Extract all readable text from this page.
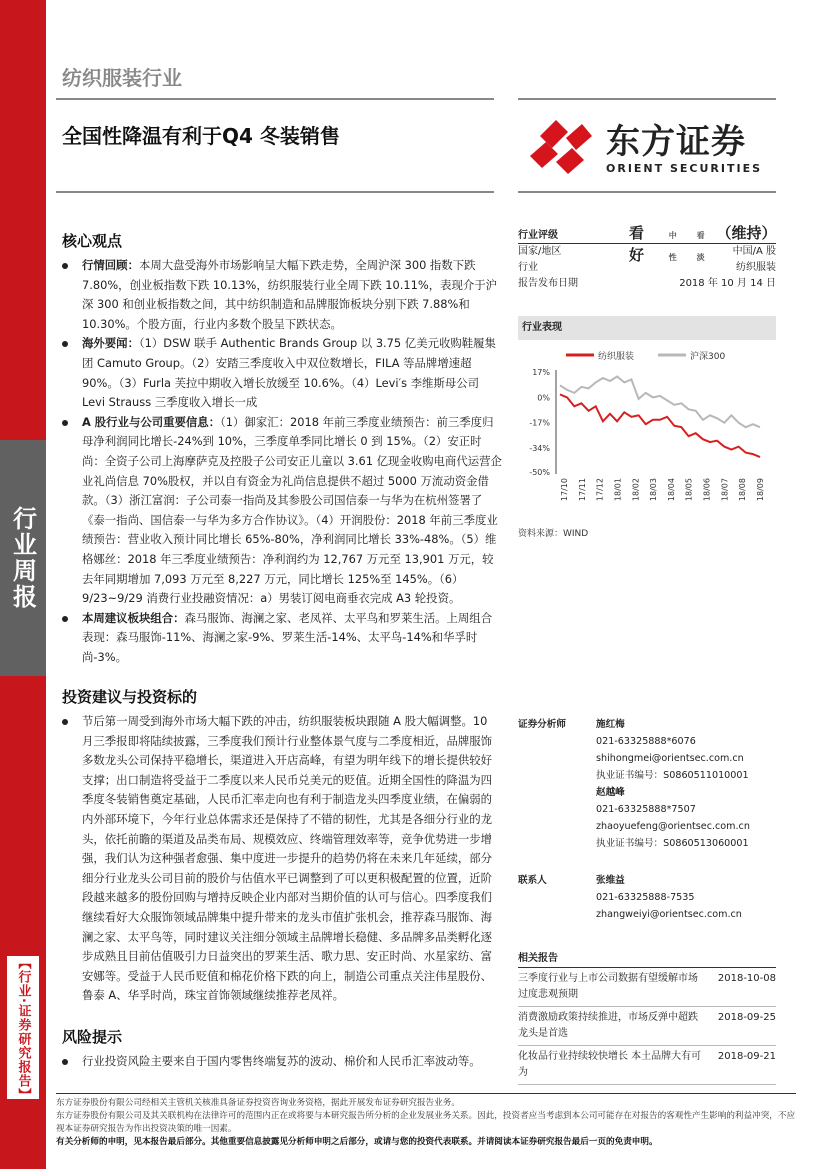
行业周报
【行业·证券研究报告】
纺织服装行业
全国性降温有利于Q4 冬装销售	东方证券
ORIENT SECURITIES
核心观点
行情回顾：本周大盘受海外市场影响呈大幅下跌走势，全周沪深 300 指数下跌 7.80%，创业板指数下跌 10.13%，纺织服装行业全周下跌 10.11%，表现介于沪深 300 和创业板指数之间，其中纺织制造和品牌服饰板块分别下跌 7.88%和 10.30%。个股方面，行业内多数个股呈下跌状态。
海外要闻：（1）DSW 联手 Authentic Brands Group 以 3.75 亿美元收购鞋履集团 Camuto Group。（2）安踏三季度收入中双位数增长，FILA 等品牌增速超 90%。（3）Furla 芙拉中期收入增长放缓至 10.6%。（4）Levi′s 李维斯母公司 Levi Strauss 三季度收入增长一成
A 股行业与公司重要信息：（1）御家汇：2018 年前三季度业绩预告：前三季度归母净利润同比增长-24%到 10%，三季度单季同比增长 0 到 15%。（2）安正时尚：全资子公司上海摩萨克及控股子公司安正儿童以 3.61 亿现金收购电商代运营企业礼尚信息 70%股权，并以自有资金为礼尚信息提供不超过 5000 万流动资金借款。（3）浙江富润：子公司泰一指尚及其参股公司国信泰一与华为在杭州签署了《泰一指尚、国信泰一与华为多方合作协议》。（4）开润股份：2018 年前三季度业绩预告：营业收入预计同比增长 65%-80%，净利润同比增长 33%-48%。（5）维格娜丝：2018 年三季度业绩预告：净利润约为 12,767 万元至 13,901 万元，较去年同期增加 7,093 万元至 8,227 万元，同比增长 125%至 145%。（6）9/23~9/29 消费行业投融资情况：a）男装订阅电商垂衣完成 A3 轮投资。
本周建议板块组合：森马服饰、海澜之家、老凤祥、太平鸟和罗莱生活。上周组合表现：森马服饰-11%、海澜之家-9%、罗莱生活-14%、太平鸟-14%和华孚时尚-3%。
投资建议与投资标的
节后第一周受到海外市场大幅下跌的冲击，纺织服装板块跟随 A 股大幅调整。10 月三季报即将陆续披露，三季度我们预计行业整体景气度与二季度相近，品牌服饰多数龙头公司保持平稳增长，渠道进入开店高峰，有望为明年线下的增长提供较好支撑；出口制造将受益于二季度以来人民币兑美元的贬值。近期全国性的降温为四季度冬装销售奠定基础，人民币汇率走向也有利于制造龙头四季度业绩，在偏弱的内外部环境下，今年行业总体需求还是保持了不错的韧性，尤其是各细分行业的龙头，依托前瞻的渠道及品类布局、规模效应、终端管理效率等，竞争优势进一步增强，我们认为这种强者愈强、集中度进一步提升的趋势仍将在未来几年延续，部分细分行业龙头公司目前的股价与估值水平已调整到了可以更积极配置的位置，近阶段越来越多的股份回购与增持反映企业内部对当期价值的认可与信心。四季度我们继续看好大众服饰领域品牌集中提升带来的龙头市值扩张机会，推荐森马服饰、海澜之家、太平鸟等，同时建议关注细分领域主品牌增长稳健、多品牌多品类孵化逐步成熟且目前估值吸引力日益突出的罗莱生活、歌力思、安正时尚、水星家纺、富安娜等。受益于人民币贬值和棉花价格下跌的向上，制造公司重点关注伟星股份、鲁泰 A、华孚时尚，珠宝首饰领域继续推荐老凤祥。
风险提示
行业投资风险主要来自于国内零售终端复苏的波动、棉价和人民币汇率波动等。
行业评级	看好
中性
看淡
（维持）
国家/地区	中国/A 股
行业	纺织服装
报告发布日期	2018 年 10 月 14 日
行业表现
纺织服装	沪深300
17%
0%
-17%
-34%
-50%
17/10 17/11 17/12 18/01 18/02 18/03 18/04 18/05 18/06 18/07 18/08 18/09
资料来源：WIND
证券分析师	施红梅
021-63325888*6076
shihongmei@orientsec.com.cn
执业证书编号：S0860511010001
赵越峰
021-63325888*7507
zhaoyuefeng@orientsec.com.cn
执业证书编号：S0860513060001
联系人	张维益
021-63325888-7535
zhangweiyi@orientsec.com.cn
相关报告
三季度行业与上市公司数据有望缓解市场过度悲观预期
2018-10-08
消费激励政策持续推进，市场反弹中超跌龙头是首选
2018-09-25
化妆品行业持续较快增长 本土品牌大有可为
2018-09-21
东方证券股份有限公司经相关主管机关核准具备证券投资咨询业务资格，据此开展发布证券研究报告业务。
东方证券股份有限公司及其关联机构在法律许可的范围内正在或将要与本研究报告所分析的企业发展业务关系。因此，投资者应当考虑到本公司可能存在对报告的客观性产生影响的利益冲突，不应视本证券研究报告为作出投资决策的唯一因素。
有关分析师的申明，见本报告最后部分。其他重要信息披露见分析师申明之后部分，或请与您的投资代表联系。并请阅读本证券研究报告最后一页的免责申明。
